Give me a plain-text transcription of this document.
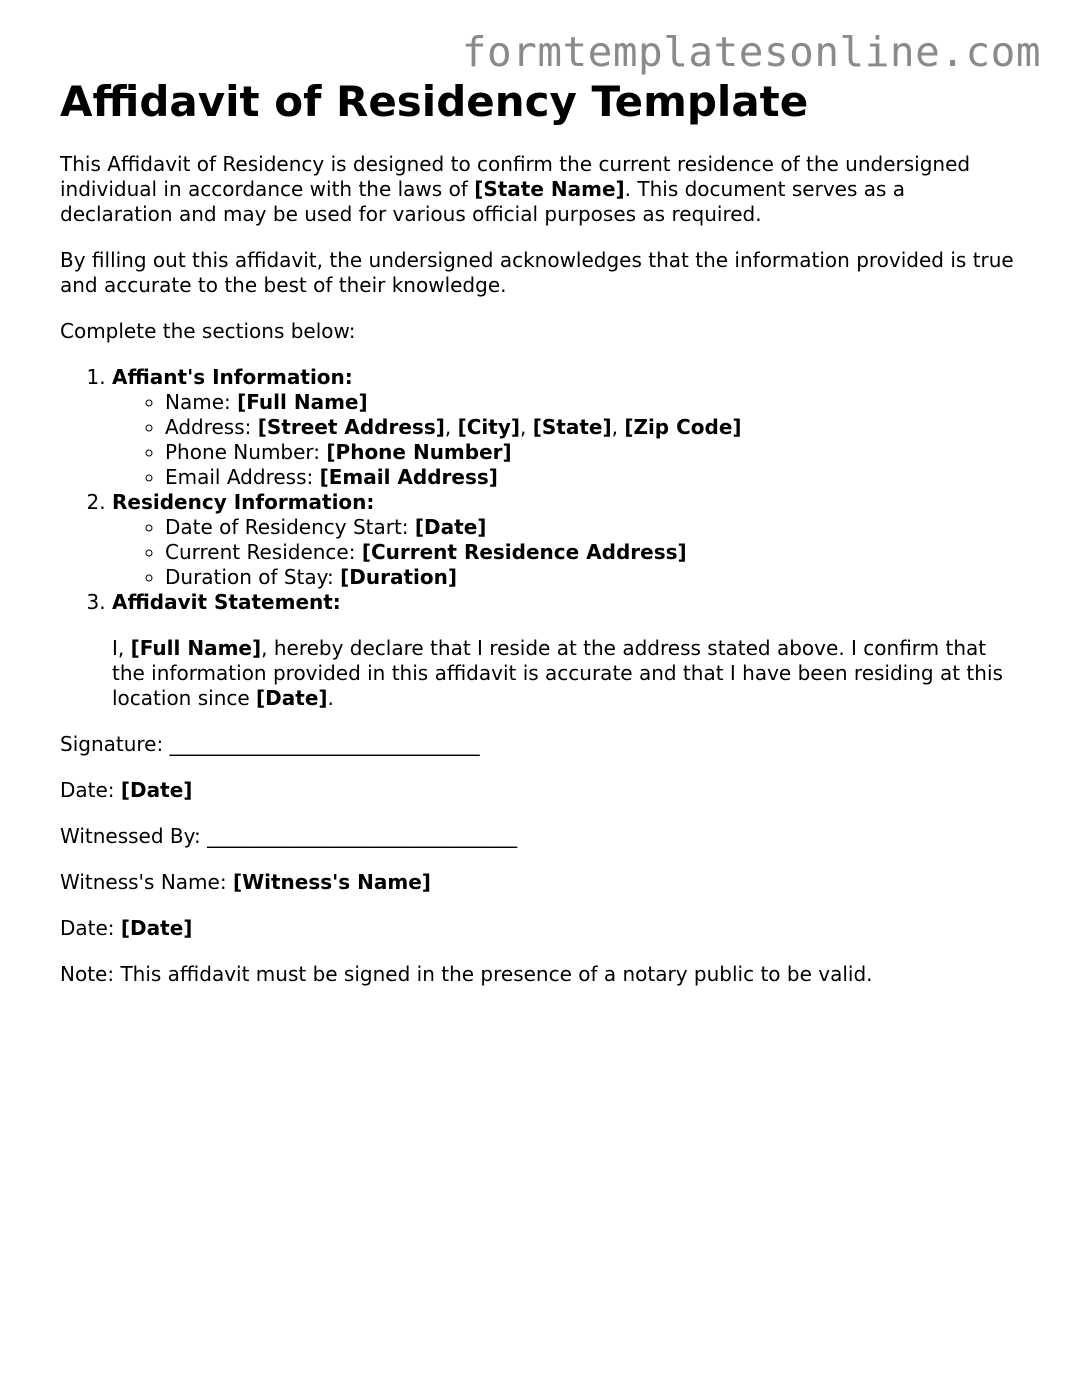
formtemplatesonline.com
Affidavit of Residency Template

This Affidavit of Residency is designed to confirm the current residence of the undersigned individual in accordance with the laws of [State Name]. This document serves as a declaration and may be used for various official purposes as required.

By filling out this affidavit, the undersigned acknowledges that the information provided is true and accurate to the best of their knowledge.

Complete the sections below:

1. Affiant's Information:
◦ Name: [Full Name]
◦ Address: [Street Address], [City], [State], [Zip Code]
◦ Phone Number: [Phone Number]
◦ Email Address: [Email Address]
2. Residency Information:
◦ Date of Residency Start: [Date]
◦ Current Residence: [Current Residence Address]
◦ Duration of Stay: [Duration]
3. Affidavit Statement:

I, [Full Name], hereby declare that I reside at the address stated above. I confirm that the information provided in this affidavit is accurate and that I have been residing at this location since [Date].

Signature: _______________________________

Date: [Date]

Witnessed By: _______________________________

Witness's Name: [Witness's Name]

Date: [Date]

Note: This affidavit must be signed in the presence of a notary public to be valid.
